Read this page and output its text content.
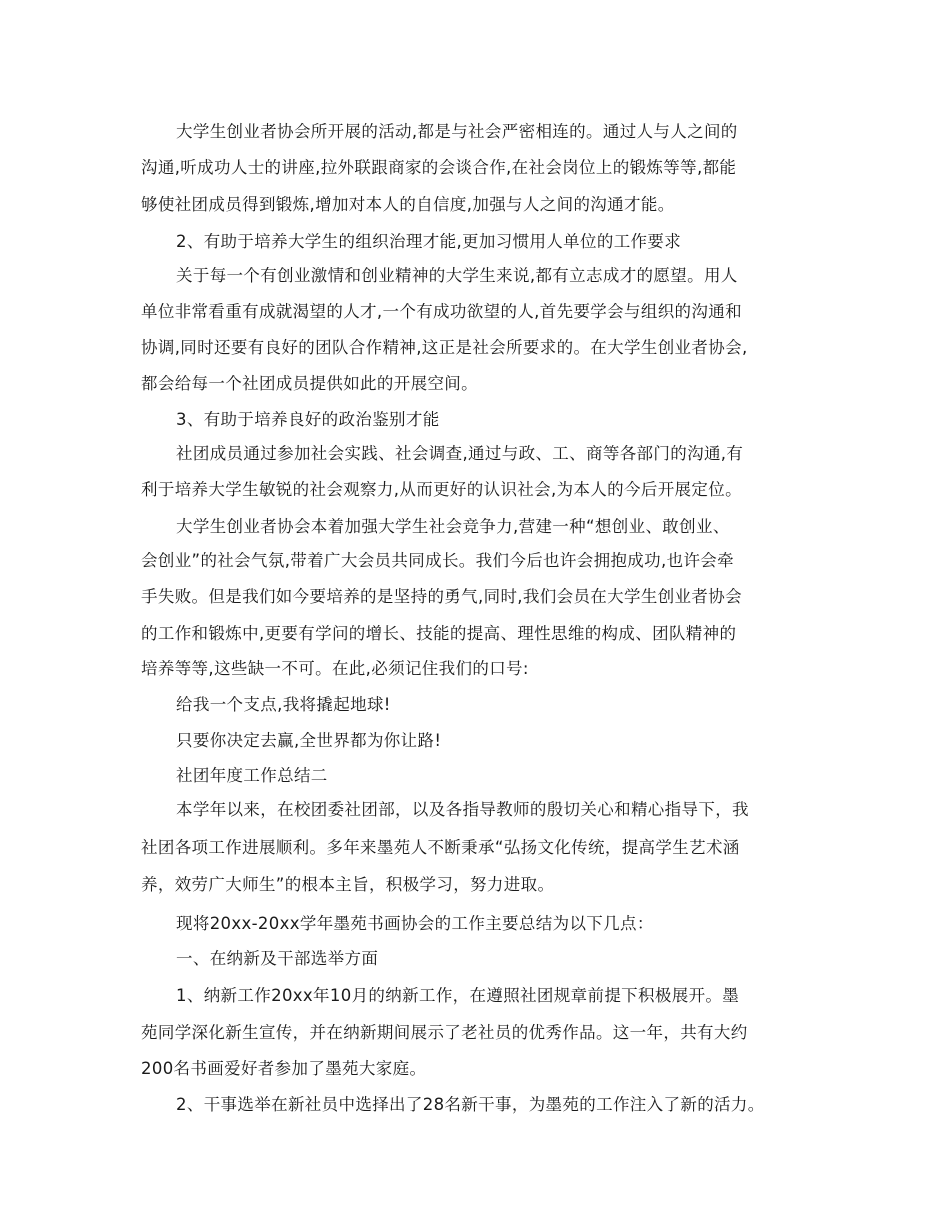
大学生创业者协会所开展的活动,都是与社会严密相连的。通过人与人之间的
沟通,听成功人士的讲座,拉外联跟商家的会谈合作,在社会岗位上的锻炼等等,都能
够使社团成员得到锻炼,增加对本人的自信度,加强与人之间的沟通才能。
2、有助于培养大学生的组织治理才能,更加习惯用人单位的工作要求
关于每一个有创业激情和创业精神的大学生来说,都有立志成才的愿望。用人
单位非常看重有成就渴望的人才,一个有成功欲望的人,首先要学会与组织的沟通和
协调,同时还要有良好的团队合作精神,这正是社会所要求的。在大学生创业者协会,
都会给每一个社团成员提供如此的开展空间。
3、有助于培养良好的政治鉴别才能
社团成员通过参加社会实践、社会调查,通过与政、工、商等各部门的沟通,有
利于培养大学生敏锐的社会观察力,从而更好的认识社会,为本人的今后开展定位。
大学生创业者协会本着加强大学生社会竞争力,营建一种“想创业、敢创业、
会创业”的社会气氛,带着广大会员共同成长。我们今后也许会拥抱成功,也许会牵
手失败。但是我们如今要培养的是坚持的勇气,同时,我们会员在大学生创业者协会
的工作和锻炼中,更要有学问的增长、技能的提高、理性思维的构成、团队精神的
培养等等,这些缺一不可。在此,必须记住我们的口号:
给我一个支点,我将撬起地球!
只要你决定去赢,全世界都为你让路!
社团年度工作总结二
本学年以来，在校团委社团部，以及各指导教师的殷切关心和精心指导下，我
社团各项工作进展顺利。多年来墨苑人不断秉承“弘扬文化传统，提高学生艺术涵
养，效劳广大师生”的根本主旨，积极学习，努力进取。
现将20xx-20xx学年墨苑书画协会的工作主要总结为以下几点：
一、在纳新及干部选举方面
1、纳新工作20xx年10月的纳新工作，在遵照社团规章前提下积极展开。墨
苑同学深化新生宣传，并在纳新期间展示了老社员的优秀作品。这一年，共有大约
200名书画爱好者参加了墨苑大家庭。
2、干事选举在新社员中选择出了28名新干事，为墨苑的工作注入了新的活力。
